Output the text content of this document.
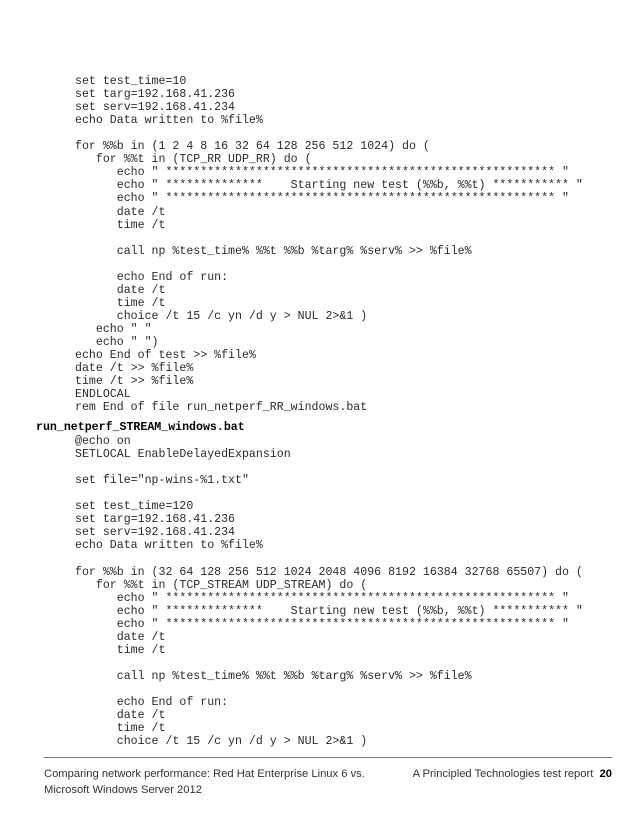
set test_time=10
set targ=192.168.41.236
set serv=192.168.41.234
echo Data written to %file%
for %%b in (1 2 4 8 16 32 64 128 256 512 1024) do (
for %%t in (TCP_RR UDP_RR) do (
echo " ******************************************************** "
echo " **************    Starting new test (%%b, %%t) *********** "
echo " ******************************************************** "
date /t
time /t
call np %test_time% %%t %%b %targ% %serv% >> %file%
echo End of run:
date /t
time /t
choice /t 15 /c yn /d y > NUL 2>&1 )
echo " "
echo " ")
echo End of test >> %file%
date /t >> %file%
time /t >> %file%
ENDLOCAL
rem End of file run_netperf_RR_windows.bat
run_netperf_STREAM_windows.bat
@echo on
SETLOCAL EnableDelayedExpansion
set file="np-wins-%1.txt"
set test_time=120
set targ=192.168.41.236
set serv=192.168.41.234
echo Data written to %file%
for %%b in (32 64 128 256 512 1024 2048 4096 8192 16384 32768 65507) do (
for %%t in (TCP_STREAM UDP_STREAM) do (
echo " ******************************************************** "
echo " **************    Starting new test (%%b, %%t) *********** "
echo " ******************************************************** "
date /t
time /t
call np %test_time% %%t %%b %targ% %serv% >> %file%
echo End of run:
date /t
time /t
choice /t 15 /c yn /d y > NUL 2>&1 )
Comparing network performance: Red Hat Enterprise Linux 6 vs.
Microsoft Windows Server 2012
A Principled Technologies test report 20
